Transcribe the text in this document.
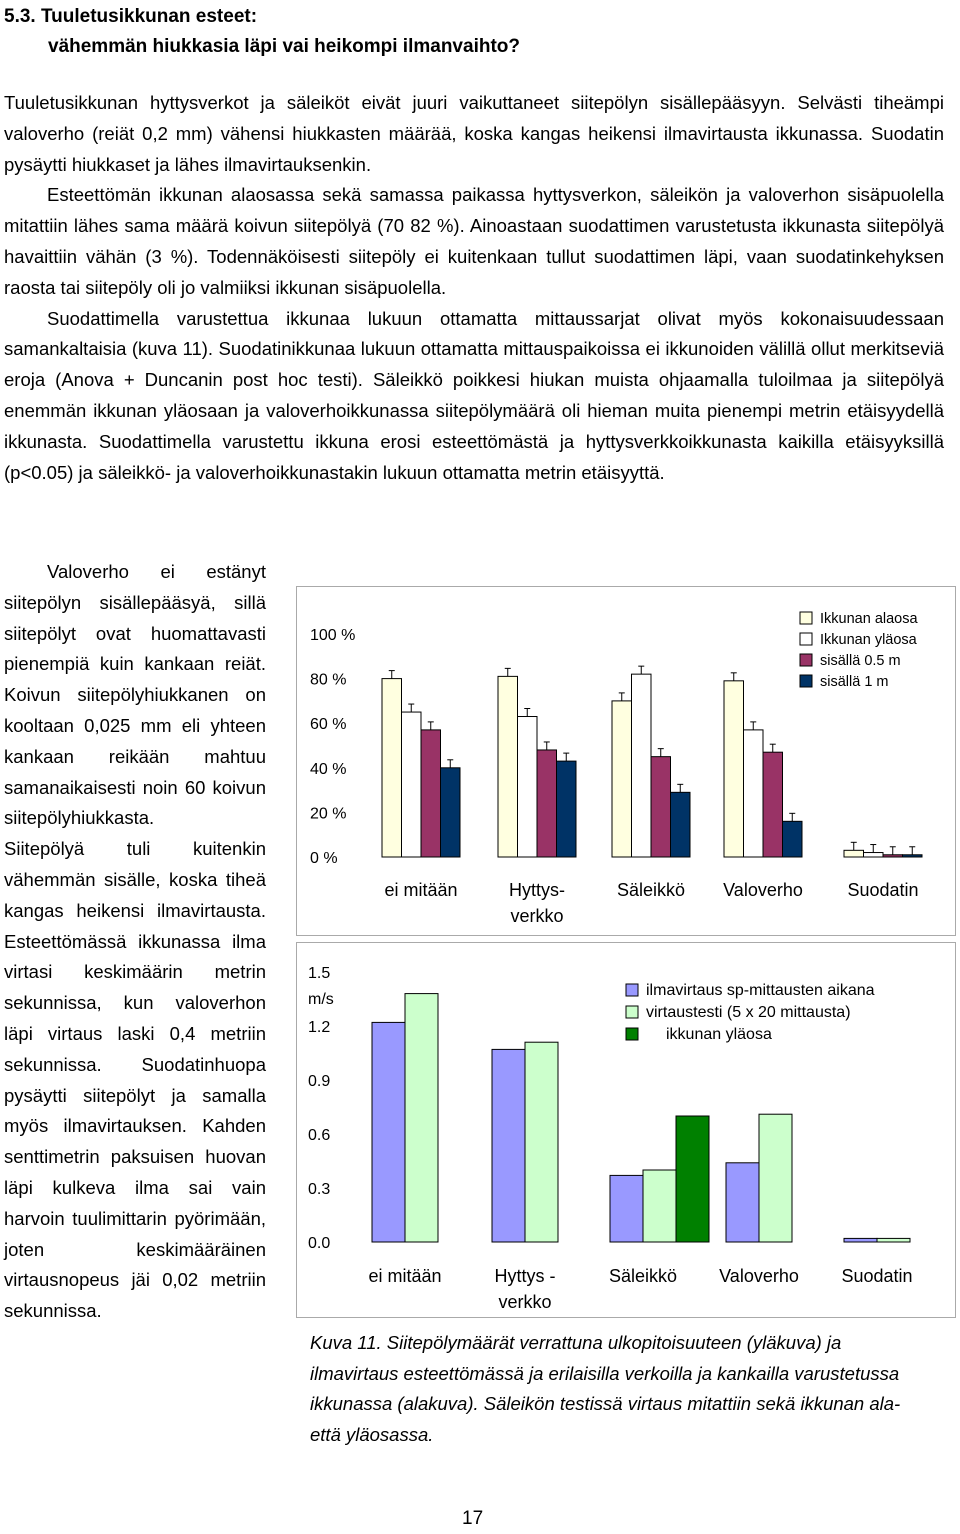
5.3. Tuuletusikkunan esteet:
vähemmän hiukkasia läpi vai heikompi ilmanvaihto?

Tuuletusikkunan hyttysverkot ja säleiköt eivät juuri vaikuttaneet siitepölyn sisällepääsyyn. Selvästi tiheämpi valoverho (reiät 0,2 mm) vähensi hiukkasten määrää, koska kangas heikensi ilmavirtausta ikkunassa. Suodatin pysäytti hiukkaset ja lähes ilmavirtauksenkin.

Esteettömän ikkunan alaosassa sekä samassa paikassa hyttysverkon, säleikön ja valoverhon sisäpuolella mitattiin lähes sama määrä koivun siitepölyä (70 82 %). Ainoastaan suodattimen varustetusta ikkunasta siitepölyä havaittiin vähän (3 %). Todennäköisesti siitepöly ei kuitenkaan tullut suodattimen läpi, vaan suodatinkehyksen raosta tai siitepöly oli jo valmiiksi ikkunan sisäpuolella.

Suodattimella varustettua ikkunaa lukuun ottamatta mittaussarjat olivat myös kokonaisuudessaan samankaltaisia (kuva 11). Suodatinikkunaa lukuun ottamatta mittauspaikoissa ei ikkunoiden välillä ollut merkitseviä eroja (Anova + Duncanin post hoc testi). Säleikkö poikkesi hiukan muista ohjaamalla tuloilmaa ja siitepölyä enemmän ikkunan yläosaan ja valoverhoikkunassa siitepölymäärä oli hieman muita pienempi metrin etäisyydellä ikkunasta. Suodattimella varustettu ikkuna erosi esteettömästä ja hyttysverkkoikkunasta kaikilla etäisyyksillä (p<0.05) ja säleikkö- ja valoverhoikkunastakin lukuun ottamatta metrin etäisyyttä.

Valoverho ei estänyt siitepölyn sisällepääsyä, sillä siitepölyt ovat huomattavasti pienempiä kuin kankaan reiät. Koivun siitepölyhiukkanen on kooltaan 0,025 mm eli yhteen kankaan reikään mahtuu samanaikaisesti noin 60 koivun siitepölyhiukkasta.

Siitepölyä tuli kuitenkin vähemmän sisälle, koska tiheä kangas heikensi ilmavirtausta. Esteettömässä ikkunassa ilma virtasi keskimäärin metrin sekunnissa, kun valoverhon läpi virtaus laski 0,4 metriin sekunnissa. Suodatinhuopa pysäytti siitepölyt ja samalla myös ilmavirtauksen. Kahden senttimetrin paksuisen huovan läpi kulkeva ilma sai vain harvoin tuulimittarin pyörimään, joten keskimääräinen virtausnopeus jäi 0,02 metriin sekunnissa.

100 %
80 %
60 %
40 %
20 %
0 %
ei mitään	Hyttys-
verkko
Säleikkö Valoverho Suodatin
Ikkunan alaosa
Ikkunan yläosa
sisällä 0.5 m
sisällä 1 m
1.5
1.2
0.9
0.6
0.3
0.0
m/s
ei mitään	Hyttys -
verkko
Säleikkö Valoverho Suodatin
ilmavirtaus sp-mittausten aikana
virtaustesti (5 x 20 mittausta)
ikkunan yläosa
Kuva 11. Siitepölymäärät verrattuna ulkopitoisuuteen (yläkuva) ja ilmavirtaus esteettömässä ja erilaisilla verkoilla ja kankailla varustetussa ikkunassa (alakuva). Säleikön testissä virtaus mitattiin sekä ikkunan ala- että yläosassa.
17
